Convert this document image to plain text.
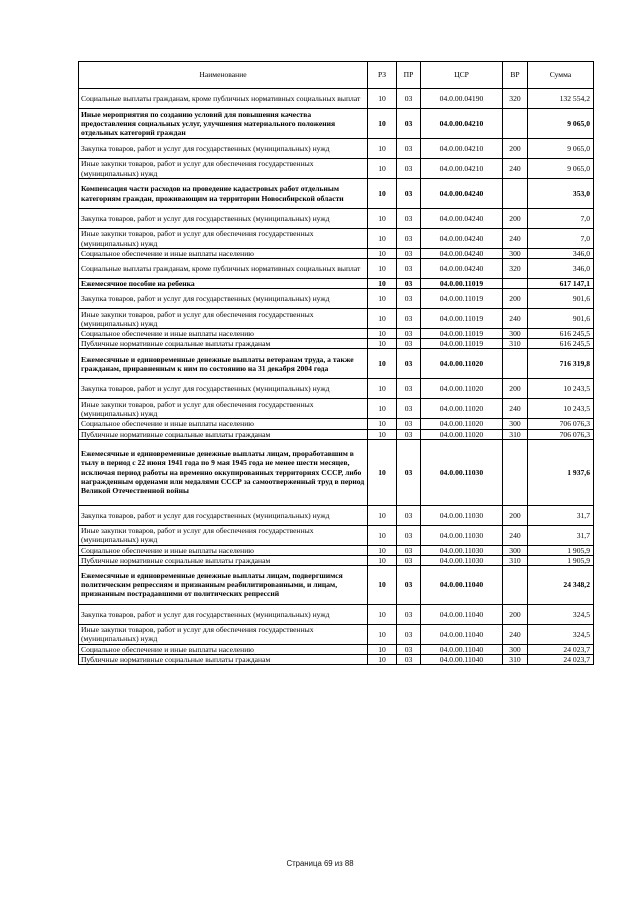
Наименование	РЗ	ПР	ЦСР	ВР	Сумма
Социальные выплаты гражданам, кроме публичных нормативных социальных выплат	10	03	04.0.00.04190	320	132 554,2
Иные мероприятия по созданию условий для повышения качества предоставления социальных услуг, улучшения материального положения отдельных категорий граждан	10	03	04.0.00.04210		9 065,0
Закупка товаров, работ и услуг для государственных (муниципальных) нужд	10	03	04.0.00.04210	200	9 065,0
Иные закупки товаров, работ и услуг для обеспечения государственных (муниципальных) нужд	10	03	04.0.00.04210	240	9 065,0
Компенсация части расходов на проведение кадастровых работ отдельным категориям граждан, проживающим на территории Новосибирской области	10	03	04.0.00.04240		353,0
Закупка товаров, работ и услуг для государственных (муниципальных) нужд	10	03	04.0.00.04240	200	7,0
Иные закупки товаров, работ и услуг для обеспечения государственных (муниципальных) нужд	10	03	04.0.00.04240	240	7,0
Социальное обеспечение и иные выплаты населению	10	03	04.0.00.04240	300	346,0
Социальные выплаты гражданам, кроме публичных нормативных социальных выплат	10	03	04.0.00.04240	320	346,0
Ежемесячное пособие на ребенка	10	03	04.0.00.11019		617 147,1
Закупка товаров, работ и услуг для государственных (муниципальных) нужд	10	03	04.0.00.11019	200	901,6
Иные закупки товаров, работ и услуг для обеспечения государственных (муниципальных) нужд	10	03	04.0.00.11019	240	901,6
Социальное обеспечение и иные выплаты населению	10	03	04.0.00.11019	300	616 245,5
Публичные нормативные социальные выплаты гражданам	10	03	04.0.00.11019	310	616 245,5
Ежемесячные и единовременные денежные выплаты ветеранам труда, а также гражданам, приравненным к ним по состоянию на 31 декабря 2004 года	10	03	04.0.00.11020		716 319,8
Закупка товаров, работ и услуг для государственных (муниципальных) нужд	10	03	04.0.00.11020	200	10 243,5
Иные закупки товаров, работ и услуг для обеспечения государственных (муниципальных) нужд	10	03	04.0.00.11020	240	10 243,5
Социальное обеспечение и иные выплаты населению	10	03	04.0.00.11020	300	706 076,3
Публичные нормативные социальные выплаты гражданам	10	03	04.0.00.11020	310	706 076,3
Ежемесячные и единовременные денежные выплаты лицам, проработавшим в тылу в период с 22 июня 1941 года по 9 мая 1945 года не менее шести месяцев, исключая период работы на временно оккупированных территориях СССР, либо награжденным орденами или медалями СССР за самоотверженный труд в период Великой Отечественной войны	10	03	04.0.00.11030		1 937,6
Закупка товаров, работ и услуг для государственных (муниципальных) нужд	10	03	04.0.00.11030	200	31,7
Иные закупки товаров, работ и услуг для обеспечения государственных (муниципальных) нужд	10	03	04.0.00.11030	240	31,7
Социальное обеспечение и иные выплаты населению	10	03	04.0.00.11030	300	1 905,9
Публичные нормативные социальные выплаты гражданам	10	03	04.0.00.11030	310	1 905,9
Ежемесячные и единовременные денежные выплаты лицам, подвергшимся политическим репрессиям и признанным реабилитированными, и лицам, признанным пострадавшими от политических репрессий	10	03	04.0.00.11040		24 348,2
Закупка товаров, работ и услуг для государственных (муниципальных) нужд	10	03	04.0.00.11040	200	324,5
Иные закупки товаров, работ и услуг для обеспечения государственных (муниципальных) нужд	10	03	04.0.00.11040	240	324,5
Социальное обеспечение и иные выплаты населению	10	03	04.0.00.11040	300	24 023,7
Публичные нормативные социальные выплаты гражданам	10	03	04.0.00.11040	310	24 023,7
Страница 69 из 88
